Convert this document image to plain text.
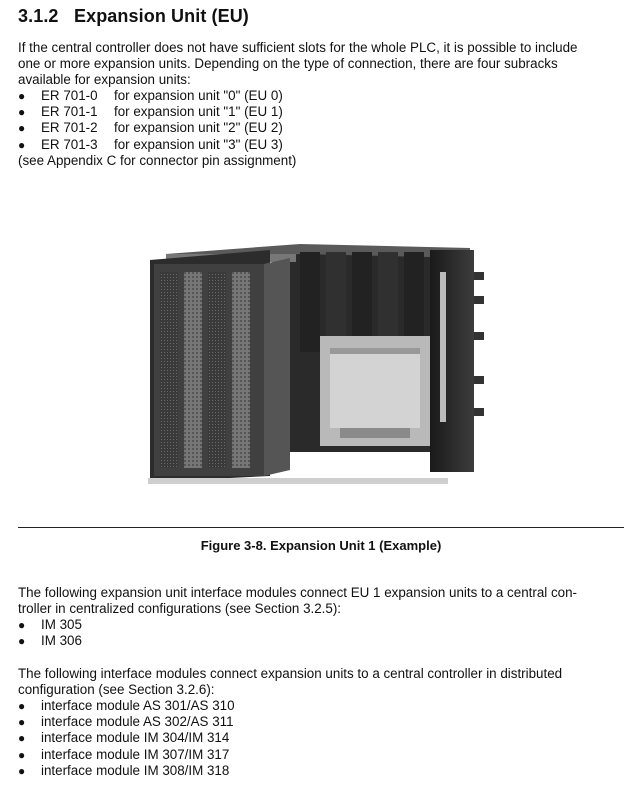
3.1.2 Expansion Unit (EU)
If the central controller does not have sufficient slots for the whole PLC, it is possible to include
one or more expansion units. Depending on the type of connection, there are four subracks
available for expansion units:
● ER 701-0 for expansion unit "0" (EU 0)
● ER 701-1 for expansion unit "1" (EU 1)
● ER 701-2 for expansion unit "2" (EU 2)
● ER 701-3 for expansion unit "3" (EU 3)
(see Appendix C for connector pin assignment)
Figure 3-8. Expansion Unit 1 (Example)
The following expansion unit interface modules connect EU 1 expansion units to a central con-
troller in centralized configurations (see Section 3.2.5):
● IM 305
● IM 306
The following interface modules connect expansion units to a central controller in distributed
configuration (see Section 3.2.6):
● interface module AS 301/AS 310
● interface module AS 302/AS 311
● interface module IM 304/IM 314
● interface module IM 307/IM 317
● interface module IM 308/IM 318
